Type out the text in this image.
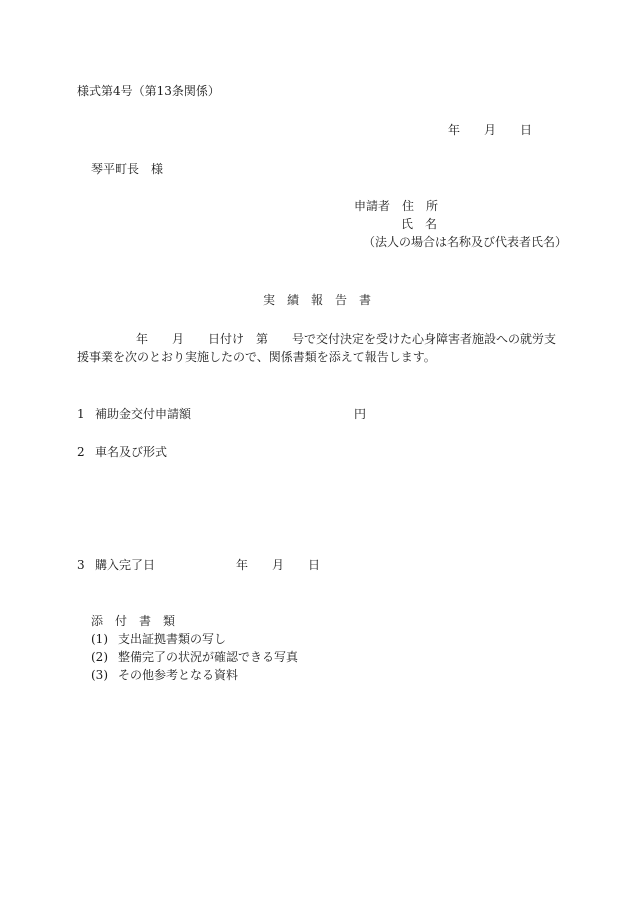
様式第4号（第13条関係）
年　　月　　日
琴平町長　様
申請者　住　所
氏　名
（法人の場合は名称及び代表者氏名）
実　績　報　告　書
年　　月　　日付け　第　　号で交付決定を受けた心身障害者施設への就労支
援事業を次のとおり実施したので、関係書類を添えて報告します。
1 補助金交付申請額	円
2 車名及び形式
3 購入完了日	年　　月　　日
添　付　書　類
(1) 支出証拠書類の写し
(2) 整備完了の状況が確認できる写真
(3) その他参考となる資料
